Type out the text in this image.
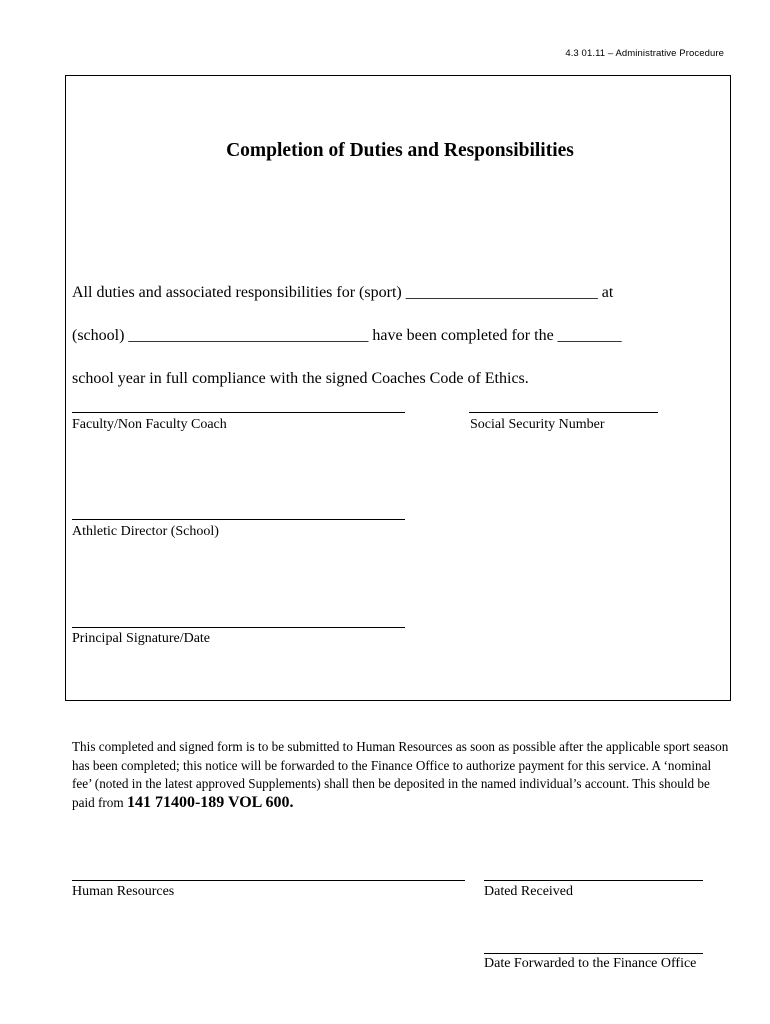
4.3 01.11 – Administrative Procedure
Completion of Duties and Responsibilities

All duties and associated responsibilities for (sport) ________________________ at

(school) ______________________________ have been completed for the ________

school year in full compliance with the signed Coaches Code of Ethics.

Faculty/Non Faculty Coach	Social Security Number
Athletic Director (School)
Principal Signature/Date
This completed and signed form is to be submitted to Human Resources as soon as possible after the applicable sport season has been completed; this notice will be forwarded to the Finance Office to authorize payment for this service. A ‘nominal fee’ (noted in the latest approved Supplements) shall then be deposited in the named individual’s account. This should be paid from 141 71400-189 VOL 600.
Human Resources	Dated Received
Date Forwarded to the Finance Office
